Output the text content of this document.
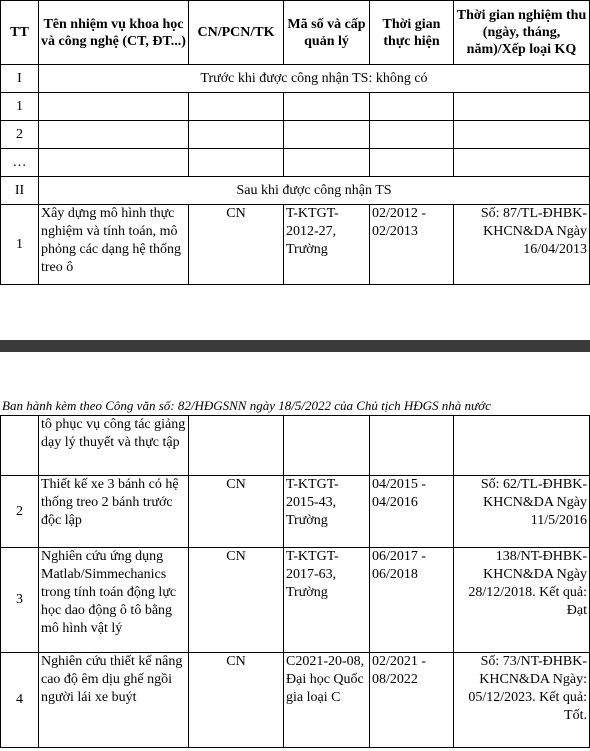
TT	Tên nhiệm vụ khoa học và công nghệ (CT, ĐT...)	CN/PCN/TK	Mã số và cấp quản lý	Thời gian thực hiện	Thời gian nghiệm thu (ngày, tháng, năm)/Xếp loại KQ
I	Trước khi được công nhận TS: không có				
1					
2					
…					
II	Sau khi được công nhận TS				
1	Xây dựng mô hình thực nghiệm và tính toán, mô phỏng các dạng hệ thống treo ô	CN	T-KTGT-2012-27, Trường	02/2012 - 02/2013	Số: 87/TL-ĐHBK-KHCN&DA Ngày 16/04/2013
Ban hành kèm theo Công văn số: 82/HĐGSNN ngày 18/5/2022 của Chủ tịch HĐGS nhà nước
	tô phục vụ công tác giảng dạy lý thuyết và thực tập				
2	Thiết kế xe 3 bánh có hệ thống treo 2 bánh trước độc lập	CN	T-KTGT-2015-43, Trường	04/2015 - 04/2016	Số: 62/TL-ĐHBK-KHCN&DA Ngày 11/5/2016
3	Nghiên cứu ứng dụng Matlab/Simmechanics trong tính toán động lực học dao động ô tô bằng mô hình vật lý	CN	T-KTGT-2017-63, Trường	06/2017 - 06/2018	138/NT-ĐHBK-KHCN&DA Ngày 28/12/2018. Kết quả: Đạt
4	Nghiên cứu thiết kế nâng cao độ êm dịu ghế ngồi người lái xe buýt	CN	C2021-20-08, Đại học Quốc gia loại C	02/2021 - 08/2022	Số: 73/NT-ĐHBK-KHCN&DA Ngày: 05/12/2023. Kết quả: Tốt.
